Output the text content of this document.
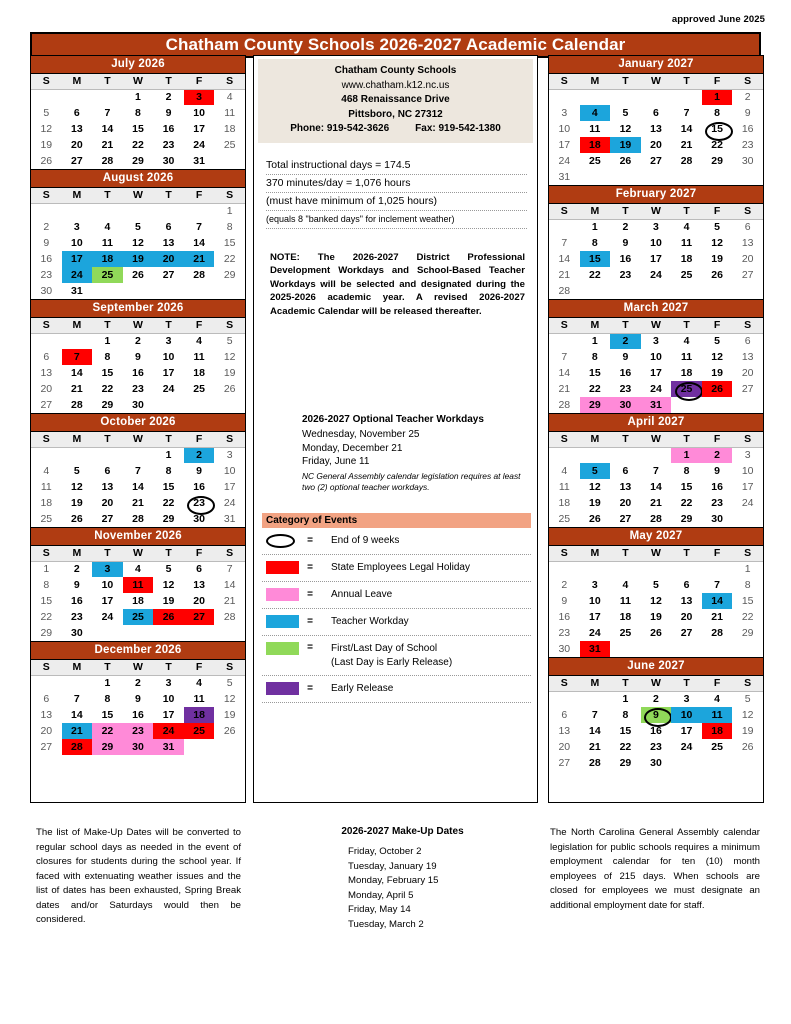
approved June 2025
Chatham County Schools 2026-2027 Academic Calendar
July 2026
S	M	T	W	T	F	S
			1	2	3	4
5	6	7	8	9	10	11
12	13	14	15	16	17	18
19	20	21	22	23	24	25
26	27	28	29	30	31	
August 2026
S	M	T	W	T	F	S
						1
2	3	4	5	6	7	8
9	10	11	12	13	14	15
16	17	18	19	20	21	22
23	24	25	26	27	28	29
30	31					
September 2026
S	M	T	W	T	F	S
		1	2	3	4	5
6	7	8	9	10	11	12
13	14	15	16	17	18	19
20	21	22	23	24	25	26
27	28	29	30			
October 2026
S	M	T	W	T	F	S
				1	2	3
4	5	6	7	8	9	10
11	12	13	14	15	16	17
18	19	20	21	22	23	24
25	26	27	28	29	30	31
November 2026
S	M	T	W	T	F	S
1	2	3	4	5	6	7
8	9	10	11	12	13	14
15	16	17	18	19	20	21
22	23	24	25	26	27	28
29	30					
December 2026
S	M	T	W	T	F	S
		1	2	3	4	5
6	7	8	9	10	11	12
13	14	15	16	17	18	19
20	21	22	23	24	25	26
27	28	29	30	31		
Chatham County Schools
www.chatham.k12.nc.us
468 Renaissance Drive
Pittsboro, NC 27312
Phone: 919-542-3626	Fax: 919-542-1380
Total instructional days = 174.5
370 minutes/day = 1,076 hours
(must have minimum of 1,025 hours)
(equals 8 "banked days" for inclement weather)
NOTE: The 2026-2027 District Professional Development Workdays and School-Based Teacher Workdays will be selected and designated during the 2025-2026 academic year. A revised 2026-2027 Academic Calendar will be released thereafter.
2026-2027 Optional Teacher Workdays
Wednesday, November 25
Monday, December 21
Friday, June 11
NC General Assembly calendar legislation requires at least two (2) optional teacher workdays.
Category of Events
=	End of 9 weeks
=	State Employees Legal Holiday
=	Annual Leave
=	Teacher Workday
=	First/Last Day of School
(Last Day is Early Release)
=	Early Release
January 2027
S	M	T	W	T	F	S
					1	2
3	4	5	6	7	8	9
10	11	12	13	14	15	16
17	18	19	20	21	22	23
24	25	26	27	28	29	30
31						
February 2027
S	M	T	W	T	F	S
	1	2	3	4	5	6
7	8	9	10	11	12	13
14	15	16	17	18	19	20
21	22	23	24	25	26	27
28						
March 2027
S	M	T	W	T	F	S
	1	2	3	4	5	6
7	8	9	10	11	12	13
14	15	16	17	18	19	20
21	22	23	24	25	26	27
28	29	30	31			
April 2027
S	M	T	W	T	F	S
				1	2	3
4	5	6	7	8	9	10
11	12	13	14	15	16	17
18	19	20	21	22	23	24
25	26	27	28	29	30	
May 2027
S	M	T	W	T	F	S
						1
2	3	4	5	6	7	8
9	10	11	12	13	14	15
16	17	18	19	20	21	22
23	24	25	26	27	28	29
30	31					
June 2027
S	M	T	W	T	F	S
		1	2	3	4	5
6	7	8	9	10	11	12
13	14	15	16	17	18	19
20	21	22	23	24	25	26
27	28	29	30			

The list of Make-Up Dates will be converted to regular school days as needed in the event of closures for students during the school year. If faced with extenuating weather issues and the list of dates has been exhausted, Spring Break dates and/or Saturdays would then be considered.

2026-2027 Make-Up Dates
Friday, October 2
Tuesday, January 19
Monday, February 15
Monday, April 5
Friday, May 14
Tuesday, March 2

The North Carolina General Assembly calendar legislation for public schools requires a minimum employment calendar for ten (10) month employees of 215 days. When schools are closed for employees we must designate an additional employment date for staff.
